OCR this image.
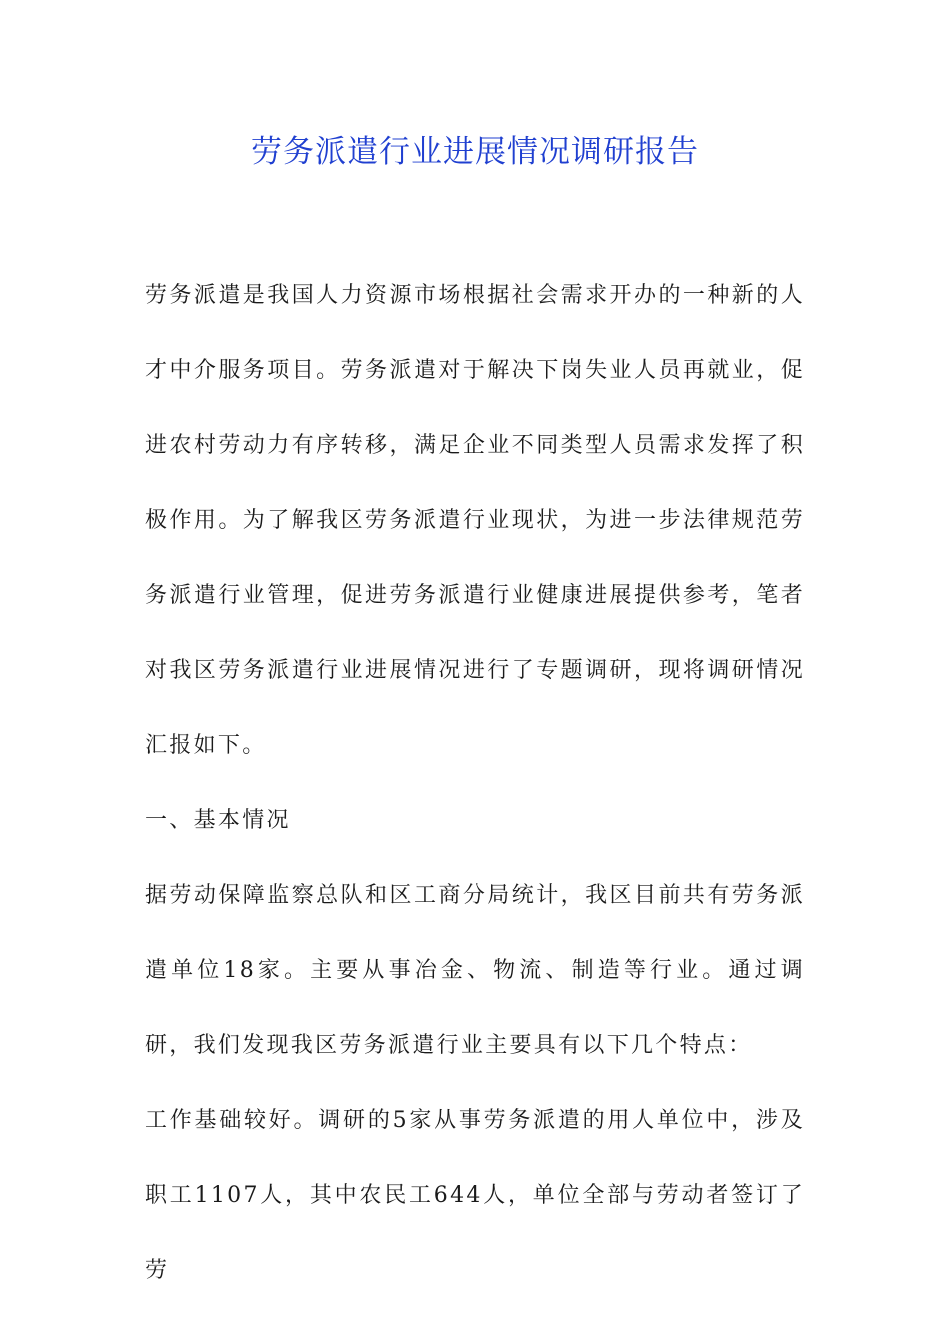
劳务派遣行业进展情况调研报告

劳务派遣是我国人力资源市场根据社会需求开办的一种新的人才中介服务项目。劳务派遣对于解决下岗失业人员再就业，促进农村劳动力有序转移，满足企业不同类型人员需求发挥了积极作用。为了解我区劳务派遣行业现状，为进一步法律规范劳务派遣行业管理，促进劳务派遣行业健康进展提供参考，笔者对我区劳务派遣行业进展情况进行了专题调研，现将调研情况汇报如下。

一、基本情况

据劳动保障监察总队和区工商分局统计，我区目前共有劳务派遣单位18家。主要从事冶金、物流、制造等行业。通过调研，我们发现我区劳务派遣行业主要具有以下几个特点：

工作基础较好。调研的5家从事劳务派遣的用人单位中，涉及职工1107人，其中农民工644人，单位全部与劳动者签订了劳
